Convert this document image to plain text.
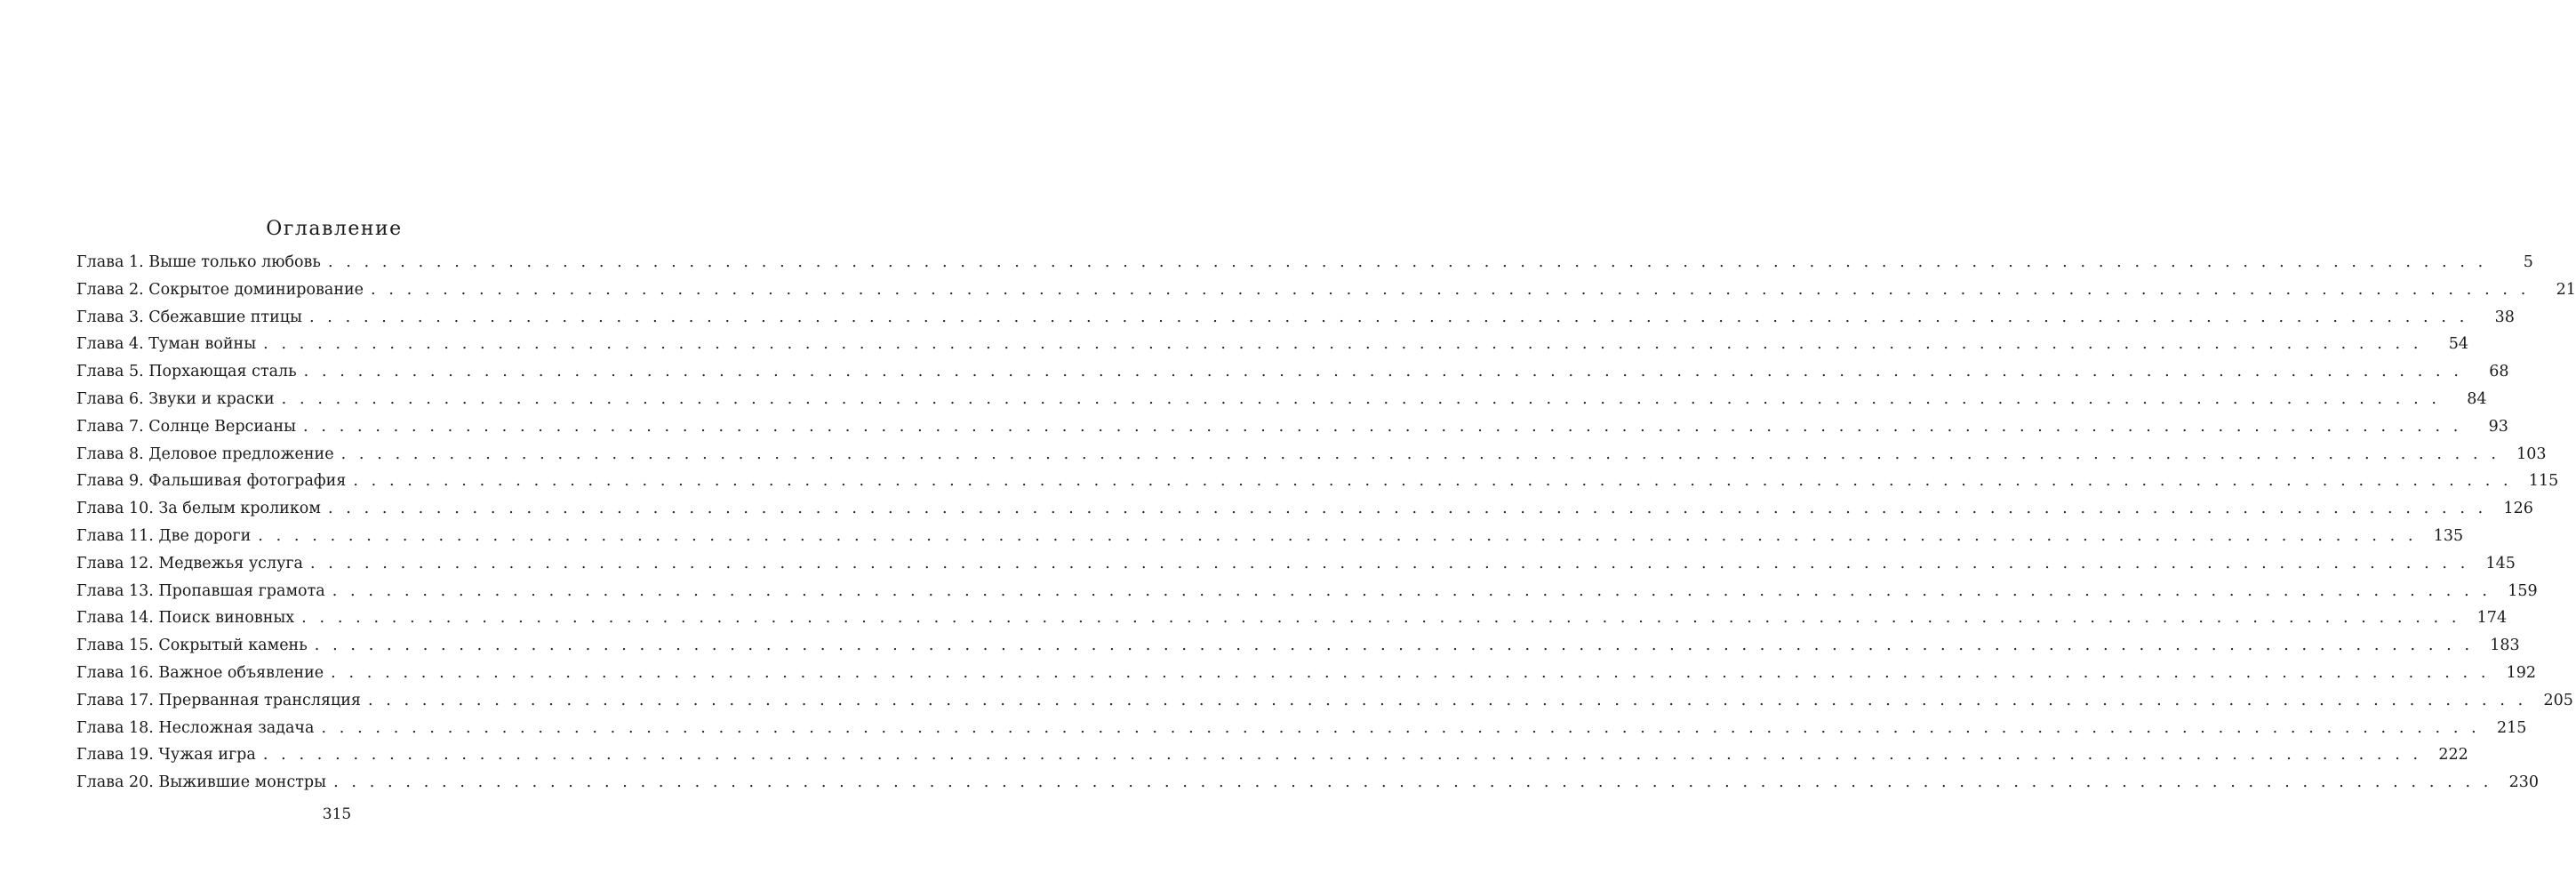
Оглавление
Глава 1. Выше только любовь . . . . . . . . . . . . . . . . . . . . . . . . . . . . . . . . . . . . . . . . . . . . . . . . . . . . . . . . . . . . . . . . . . . . . . . . . . . . . . . . . . . . . . . . . . . . . . . . . . . . . . . . . . . . . . . . . . . . . . . .	5
Глава 2. Сокрытое доминирование . . . . . . . . . . . . . . . . . . . . . . . . . . . . . . . . . . . . . . . . . . . . . . . . . . . . . . . . . . . . . . . . . . . . . . . . . . . . . . . . . . . . . . . . . . . . . . . . . . . . . . . . . . . . . . . . . . . . . . . .	21
Глава 3. Сбежавшие птицы . . . . . . . . . . . . . . . . . . . . . . . . . . . . . . . . . . . . . . . . . . . . . . . . . . . . . . . . . . . . . . . . . . . . . . . . . . . . . . . . . . . . . . . . . . . . . . . . . . . . . . . . . . . . . . . . . . . . . . . .	38
Глава 4. Туман войны . . . . . . . . . . . . . . . . . . . . . . . . . . . . . . . . . . . . . . . . . . . . . . . . . . . . . . . . . . . . . . . . . . . . . . . . . . . . . . . . . . . . . . . . . . . . . . . . . . . . . . . . . . . . . . . . . . . . . . . .	54
Глава 5. Порхающая сталь . . . . . . . . . . . . . . . . . . . . . . . . . . . . . . . . . . . . . . . . . . . . . . . . . . . . . . . . . . . . . . . . . . . . . . . . . . . . . . . . . . . . . . . . . . . . . . . . . . . . . . . . . . . . . . . . . . . . . . . .	68
Глава 6. Звуки и краски . . . . . . . . . . . . . . . . . . . . . . . . . . . . . . . . . . . . . . . . . . . . . . . . . . . . . . . . . . . . . . . . . . . . . . . . . . . . . . . . . . . . . . . . . . . . . . . . . . . . . . . . . . . . . . . . . . . . . . . .	84
Глава 7. Солнце Версианы . . . . . . . . . . . . . . . . . . . . . . . . . . . . . . . . . . . . . . . . . . . . . . . . . . . . . . . . . . . . . . . . . . . . . . . . . . . . . . . . . . . . . . . . . . . . . . . . . . . . . . . . . . . . . . . . . . . . . . . .	93
Глава 8. Деловое предложение . . . . . . . . . . . . . . . . . . . . . . . . . . . . . . . . . . . . . . . . . . . . . . . . . . . . . . . . . . . . . . . . . . . . . . . . . . . . . . . . . . . . . . . . . . . . . . . . . . . . . . . . . . . . . . . . . . . . . . . .	103
Глава 9. Фальшивая фотография . . . . . . . . . . . . . . . . . . . . . . . . . . . . . . . . . . . . . . . . . . . . . . . . . . . . . . . . . . . . . . . . . . . . . . . . . . . . . . . . . . . . . . . . . . . . . . . . . . . . . . . . . . . . . . . . . . . . . . . .	115
Глава 10. За белым кроликом . . . . . . . . . . . . . . . . . . . . . . . . . . . . . . . . . . . . . . . . . . . . . . . . . . . . . . . . . . . . . . . . . . . . . . . . . . . . . . . . . . . . . . . . . . . . . . . . . . . . . . . . . . . . . . . . . . . . . . . .	126
Глава 11. Две дороги . . . . . . . . . . . . . . . . . . . . . . . . . . . . . . . . . . . . . . . . . . . . . . . . . . . . . . . . . . . . . . . . . . . . . . . . . . . . . . . . . . . . . . . . . . . . . . . . . . . . . . . . . . . . . . . . . . . . . . . .	135
Глава 12. Медвежья услуга . . . . . . . . . . . . . . . . . . . . . . . . . . . . . . . . . . . . . . . . . . . . . . . . . . . . . . . . . . . . . . . . . . . . . . . . . . . . . . . . . . . . . . . . . . . . . . . . . . . . . . . . . . . . . . . . . . . . . . . .	145
Глава 13. Пропавшая грамота . . . . . . . . . . . . . . . . . . . . . . . . . . . . . . . . . . . . . . . . . . . . . . . . . . . . . . . . . . . . . . . . . . . . . . . . . . . . . . . . . . . . . . . . . . . . . . . . . . . . . . . . . . . . . . . . . . . . . . . .	159
Глава 14. Поиск виновных . . . . . . . . . . . . . . . . . . . . . . . . . . . . . . . . . . . . . . . . . . . . . . . . . . . . . . . . . . . . . . . . . . . . . . . . . . . . . . . . . . . . . . . . . . . . . . . . . . . . . . . . . . . . . . . . . . . . . . . .	174
Глава 15. Сокрытый камень . . . . . . . . . . . . . . . . . . . . . . . . . . . . . . . . . . . . . . . . . . . . . . . . . . . . . . . . . . . . . . . . . . . . . . . . . . . . . . . . . . . . . . . . . . . . . . . . . . . . . . . . . . . . . . . . . . . . . . . .	183
Глава 16. Важное объявление . . . . . . . . . . . . . . . . . . . . . . . . . . . . . . . . . . . . . . . . . . . . . . . . . . . . . . . . . . . . . . . . . . . . . . . . . . . . . . . . . . . . . . . . . . . . . . . . . . . . . . . . . . . . . . . . . . . . . . . .	192
Глава 17. Прерванная трансляция . . . . . . . . . . . . . . . . . . . . . . . . . . . . . . . . . . . . . . . . . . . . . . . . . . . . . . . . . . . . . . . . . . . . . . . . . . . . . . . . . . . . . . . . . . . . . . . . . . . . . . . . . . . . . . . . . . . . . . . .	205
Глава 18. Несложная задача . . . . . . . . . . . . . . . . . . . . . . . . . . . . . . . . . . . . . . . . . . . . . . . . . . . . . . . . . . . . . . . . . . . . . . . . . . . . . . . . . . . . . . . . . . . . . . . . . . . . . . . . . . . . . . . . . . . . . . . .	215
Глава 19. Чужая игра . . . . . . . . . . . . . . . . . . . . . . . . . . . . . . . . . . . . . . . . . . . . . . . . . . . . . . . . . . . . . . . . . . . . . . . . . . . . . . . . . . . . . . . . . . . . . . . . . . . . . . . . . . . . . . . . . . . . . . . .	222
Глава 20. Выжившие монстры . . . . . . . . . . . . . . . . . . . . . . . . . . . . . . . . . . . . . . . . . . . . . . . . . . . . . . . . . . . . . . . . . . . . . . . . . . . . . . . . . . . . . . . . . . . . . . . . . . . . . . . . . . . . . . . . . . . . . . . .	230
315
